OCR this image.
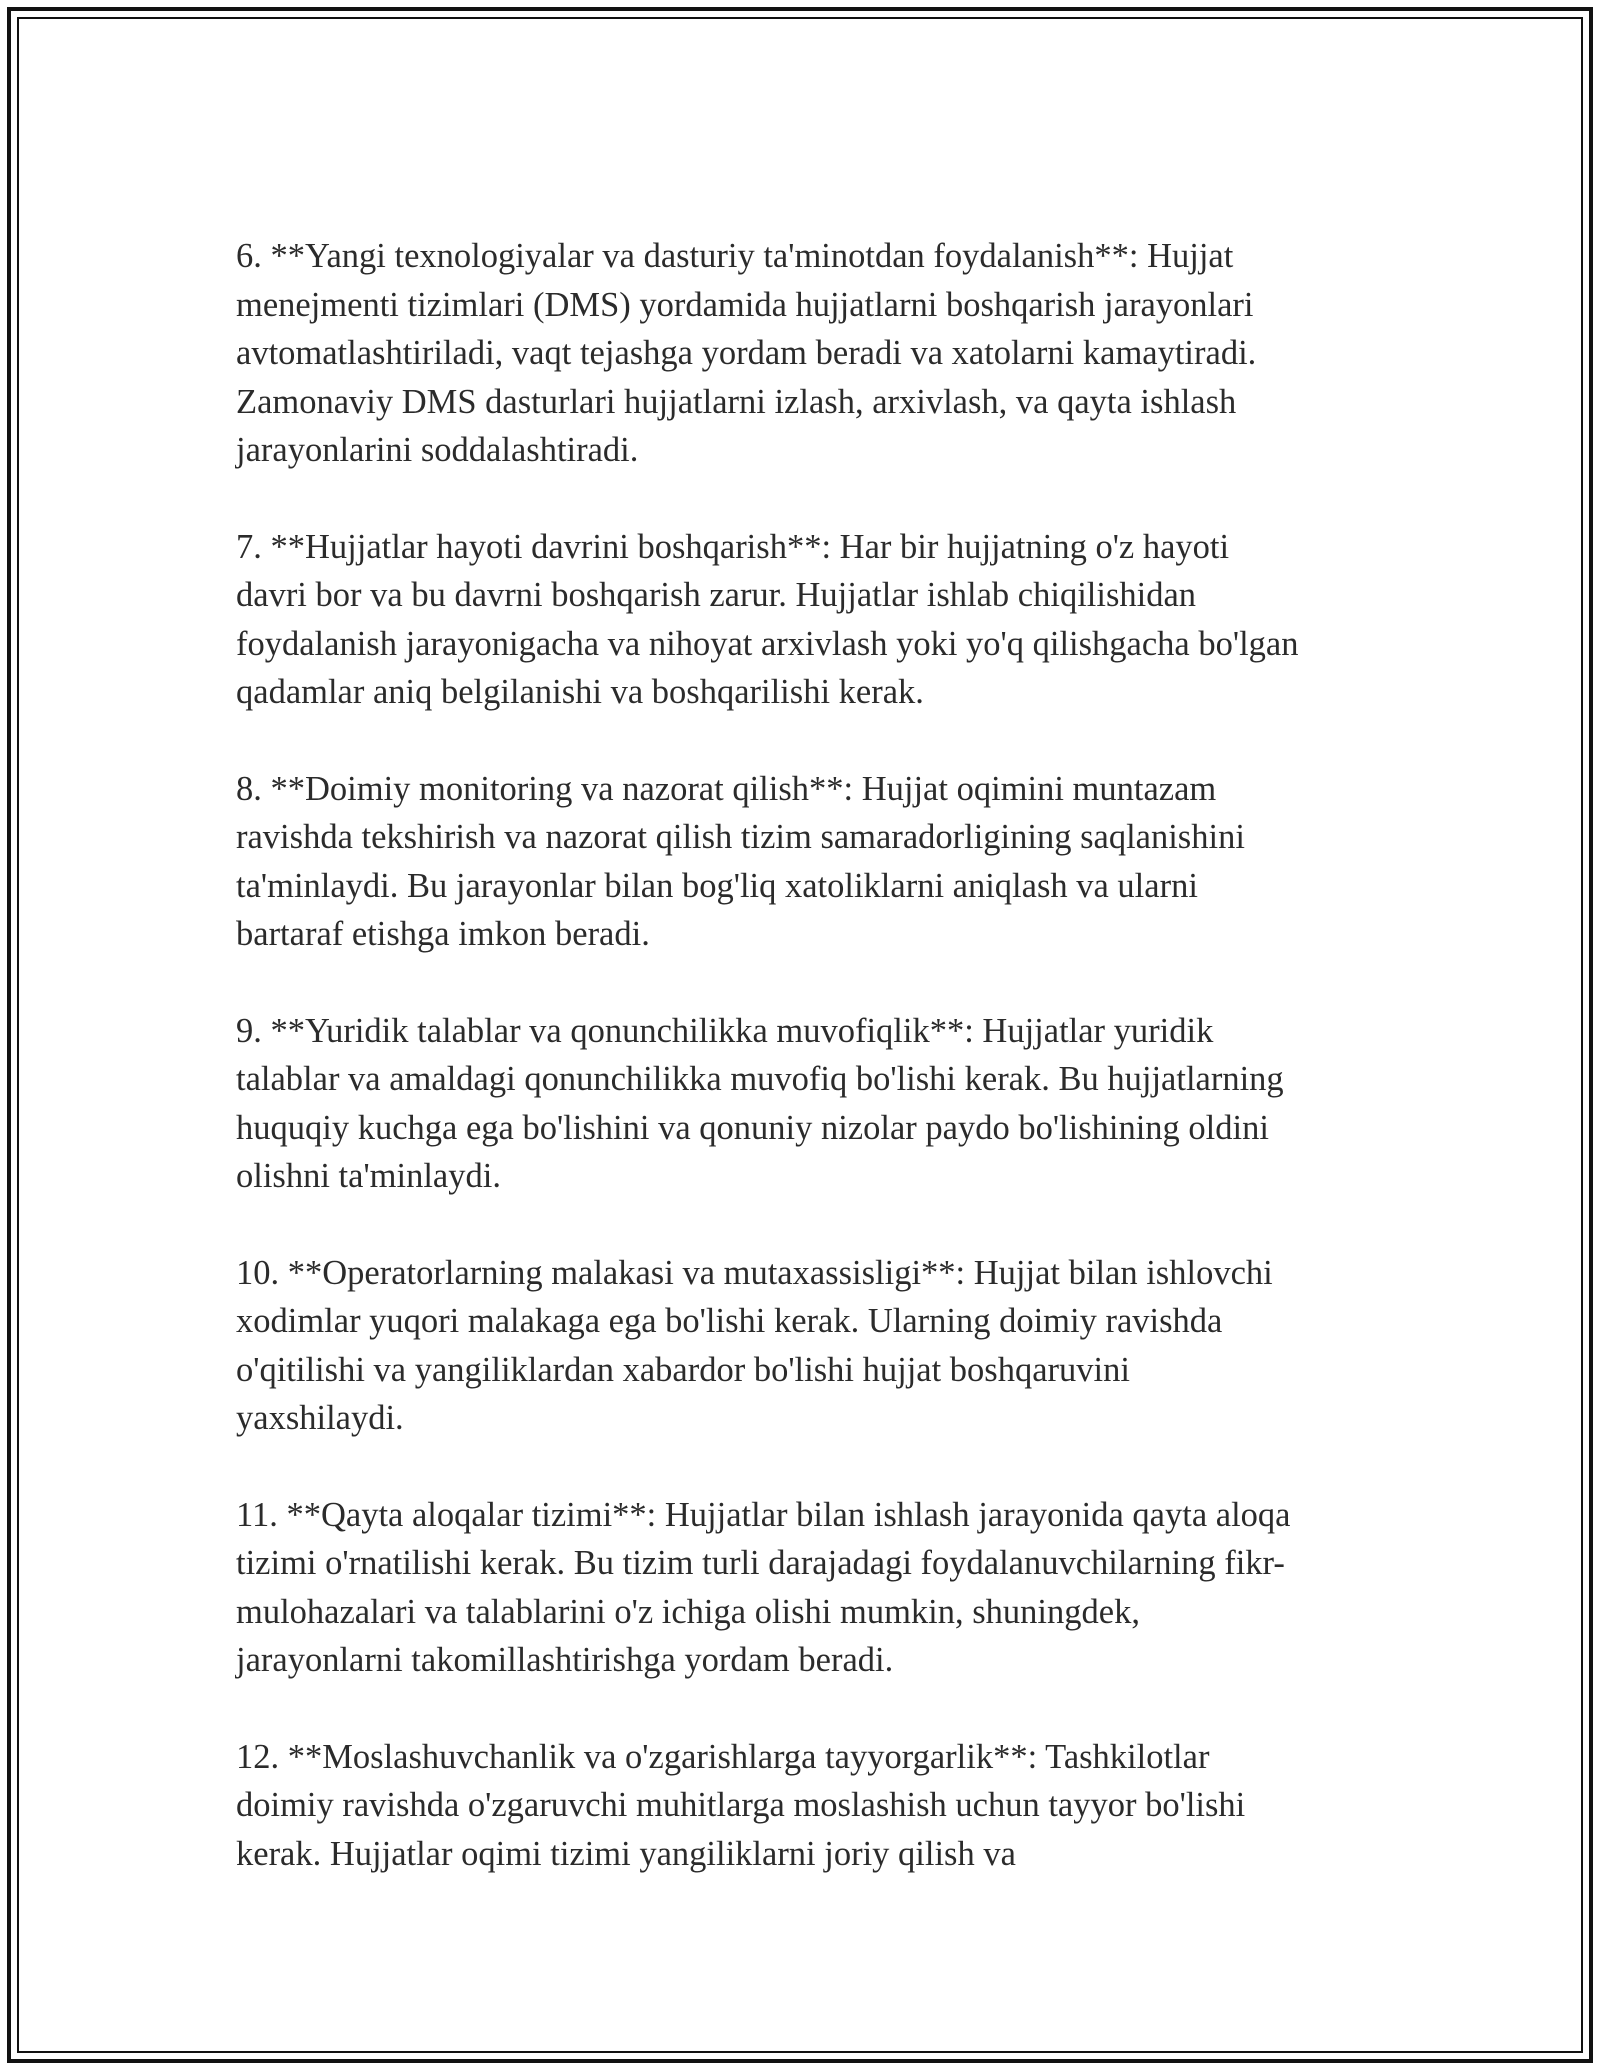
6. **Yangi texnologiyalar va dasturiy ta'minotdan foydalanish**: Hujjat
menejmenti tizimlari (DMS) yordamida hujjatlarni boshqarish jarayonlari
avtomatlashtiriladi, vaqt tejashga yordam beradi va xatolarni kamaytiradi.
Zamonaviy DMS dasturlari hujjatlarni izlash, arxivlash, va qayta ishlash
jarayonlarini soddalashtiradi.

7. **Hujjatlar hayoti davrini boshqarish**: Har bir hujjatning o'z hayoti
davri bor va bu davrni boshqarish zarur. Hujjatlar ishlab chiqilishidan
foydalanish jarayonigacha va nihoyat arxivlash yoki yo'q qilishgacha bo'lgan
qadamlar aniq belgilanishi va boshqarilishi kerak.

8. **Doimiy monitoring va nazorat qilish**: Hujjat oqimini muntazam
ravishda tekshirish va nazorat qilish tizim samaradorligining saqlanishini
ta'minlaydi. Bu jarayonlar bilan bog'liq xatoliklarni aniqlash va ularni
bartaraf etishga imkon beradi.

9. **Yuridik talablar va qonunchilikka muvofiqlik**: Hujjatlar yuridik
talablar va amaldagi qonunchilikka muvofiq bo'lishi kerak. Bu hujjatlarning
huquqiy kuchga ega bo'lishini va qonuniy nizolar paydo bo'lishining oldini
olishni ta'minlaydi.

10. **Operatorlarning malakasi va mutaxassisligi**: Hujjat bilan ishlovchi
xodimlar yuqori malakaga ega bo'lishi kerak. Ularning doimiy ravishda
o'qitilishi va yangiliklardan xabardor bo'lishi hujjat boshqaruvini
yaxshilaydi.

11. **Qayta aloqalar tizimi**: Hujjatlar bilan ishlash jarayonida qayta aloqa
tizimi o'rnatilishi kerak. Bu tizim turli darajadagi foydalanuvchilarning fikr-
mulohazalari va talablarini o'z ichiga olishi mumkin, shuningdek,
jarayonlarni takomillashtirishga yordam beradi.

12. **Moslashuvchanlik va o'zgarishlarga tayyorgarlik**: Tashkilotlar
doimiy ravishda o'zgaruvchi muhitlarga moslashish uchun tayyor bo'lishi
kerak. Hujjatlar oqimi tizimi yangiliklarni joriy qilish va
